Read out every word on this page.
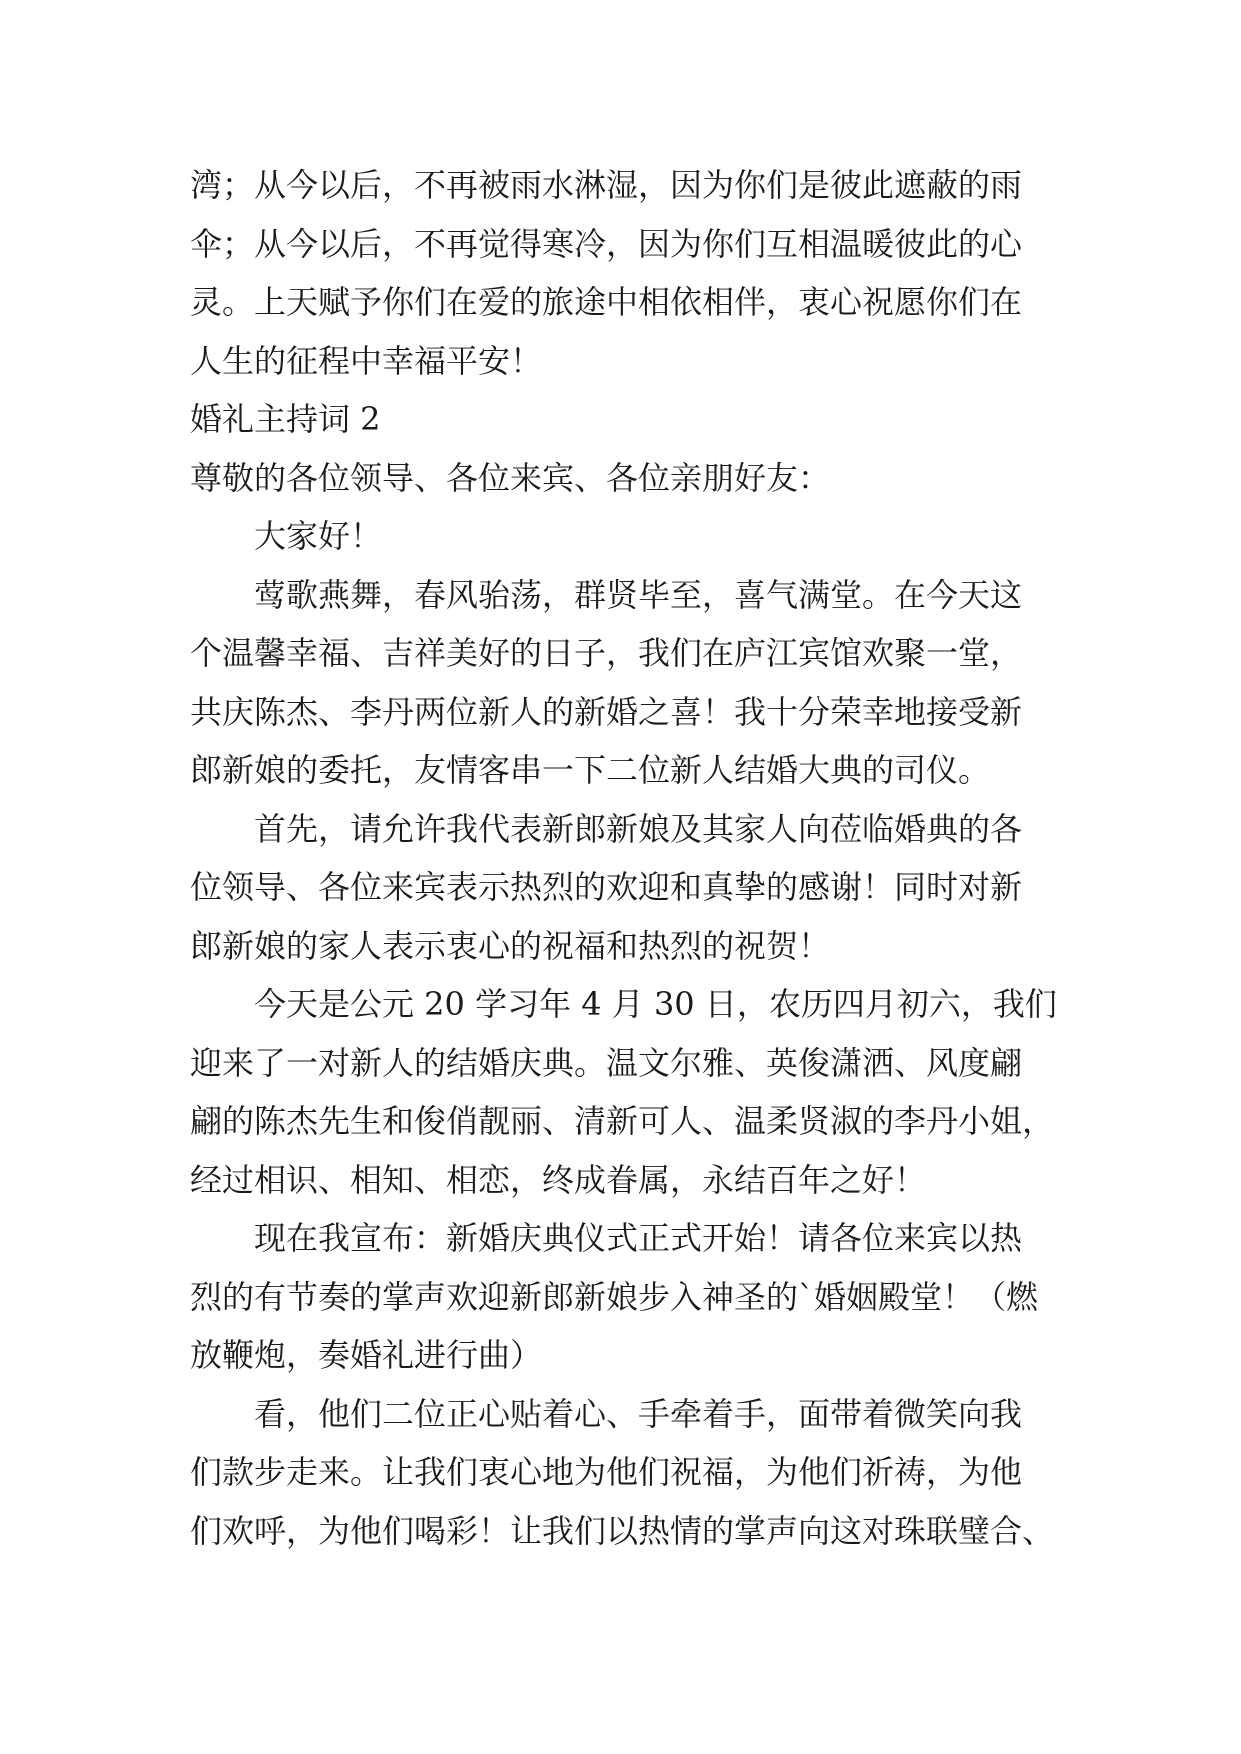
湾；从今以后，不再被雨水淋湿，因为你们是彼此遮蔽的雨

伞；从今以后，不再觉得寒冷，因为你们互相温暖彼此的心

灵。上天赋予你们在爱的旅途中相依相伴，衷心祝愿你们在

人生的征程中幸福平安！

婚礼主持词 2

尊敬的各位领导、各位来宾、各位亲朋好友：

大家好！

莺歌燕舞，春风骀荡，群贤毕至，喜气满堂。在今天这

个温馨幸福、吉祥美好的日子，我们在庐江宾馆欢聚一堂，

共庆陈杰、李丹两位新人的新婚之喜！我十分荣幸地接受新

郎新娘的委托，友情客串一下二位新人结婚大典的司仪。

首先，请允许我代表新郎新娘及其家人向莅临婚典的各

位领导、各位来宾表示热烈的欢迎和真挚的感谢！同时对新

郎新娘的家人表示衷心的祝福和热烈的祝贺！

今天是公元 20 学习年 4 月 30 日，农历四月初六，我们

迎来了一对新人的结婚庆典。温文尔雅、英俊潇洒、风度翩

翩的陈杰先生和俊俏靓丽、清新可人、温柔贤淑的李丹小姐，

经过相识、相知、相恋，终成眷属，永结百年之好！

现在我宣布：新婚庆典仪式正式开始！请各位来宾以热

烈的有节奏的掌声欢迎新郎新娘步入神圣的`婚姻殿堂！（燃

放鞭炮，奏婚礼进行曲）

看，他们二位正心贴着心、手牵着手，面带着微笑向我

们款步走来。让我们衷心地为他们祝福，为他们祈祷，为他

们欢呼，为他们喝彩！让我们以热情的掌声向这对珠联璧合、
